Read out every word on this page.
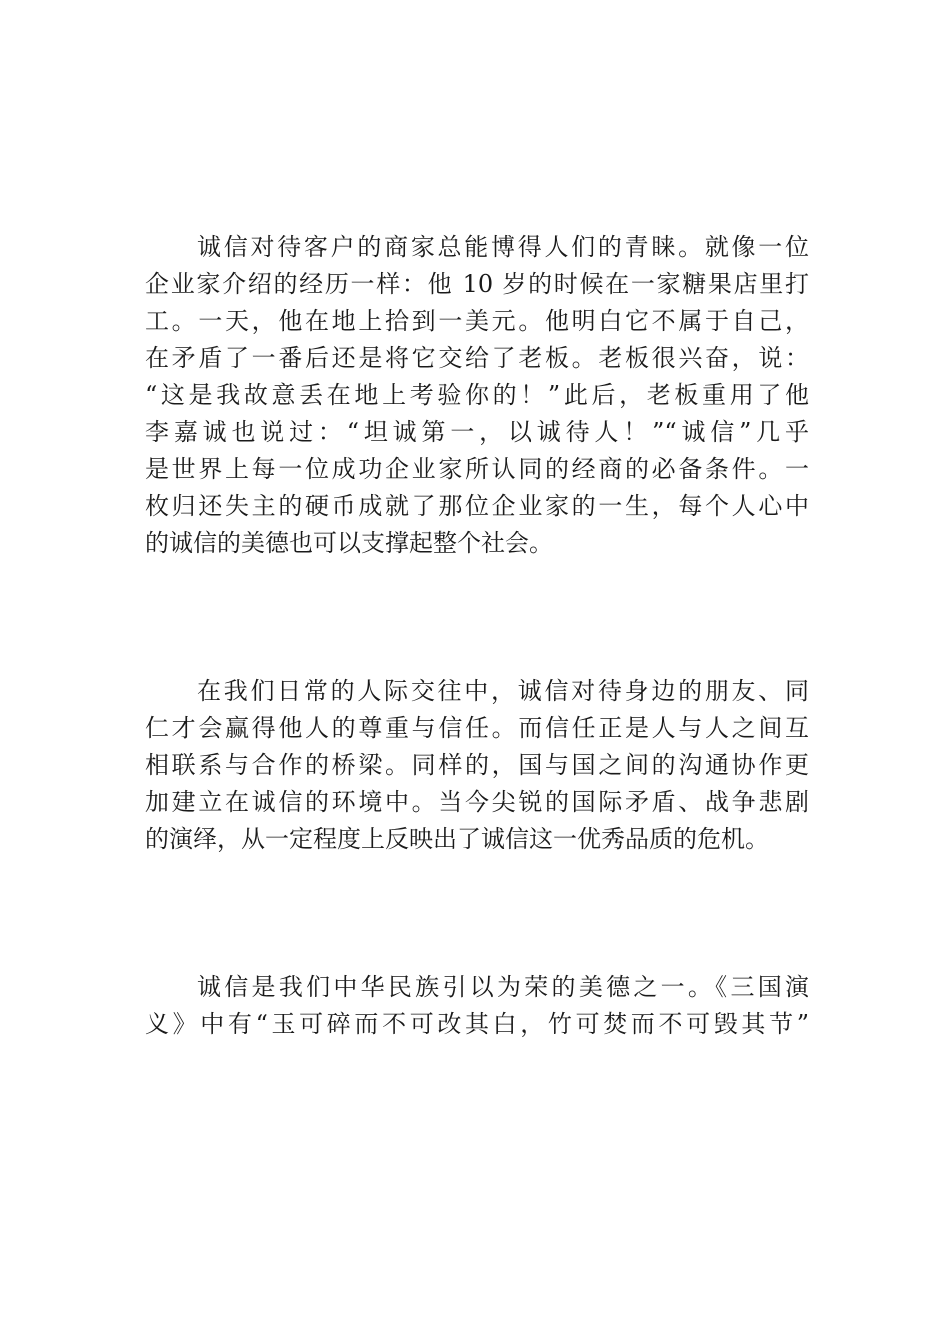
诚信对待客户的商家总能博得人们的青睐。就像一位
企业家介绍的经历一样：他 10 岁的时候在一家糖果店里打
工。一天，他在地上拾到一美元。他明白它不属于自己，
在矛盾了一番后还是将它交给了老板。老板很兴奋，说：
“这是我故意丢在地上考验你的！”此后，老板重用了他
李嘉诚也说过：“坦诚第一，以诚待人！”“诚信”几乎
是世界上每一位成功企业家所认同的经商的必备条件。一
枚归还失主的硬币成就了那位企业家的一生，每个人心中
的诚信的美德也可以支撑起整个社会。
在我们日常的人际交往中，诚信对待身边的朋友、同
仁才会赢得他人的尊重与信任。而信任正是人与人之间互
相联系与合作的桥梁。同样的，国与国之间的沟通协作更
加建立在诚信的环境中。当今尖锐的国际矛盾、战争悲剧
的演绎，从一定程度上反映出了诚信这一优秀品质的危机。
诚信是我们中华民族引以为荣的美德之一。《三国演
义》中有“玉可碎而不可改其白，竹可焚而不可毁其节”
